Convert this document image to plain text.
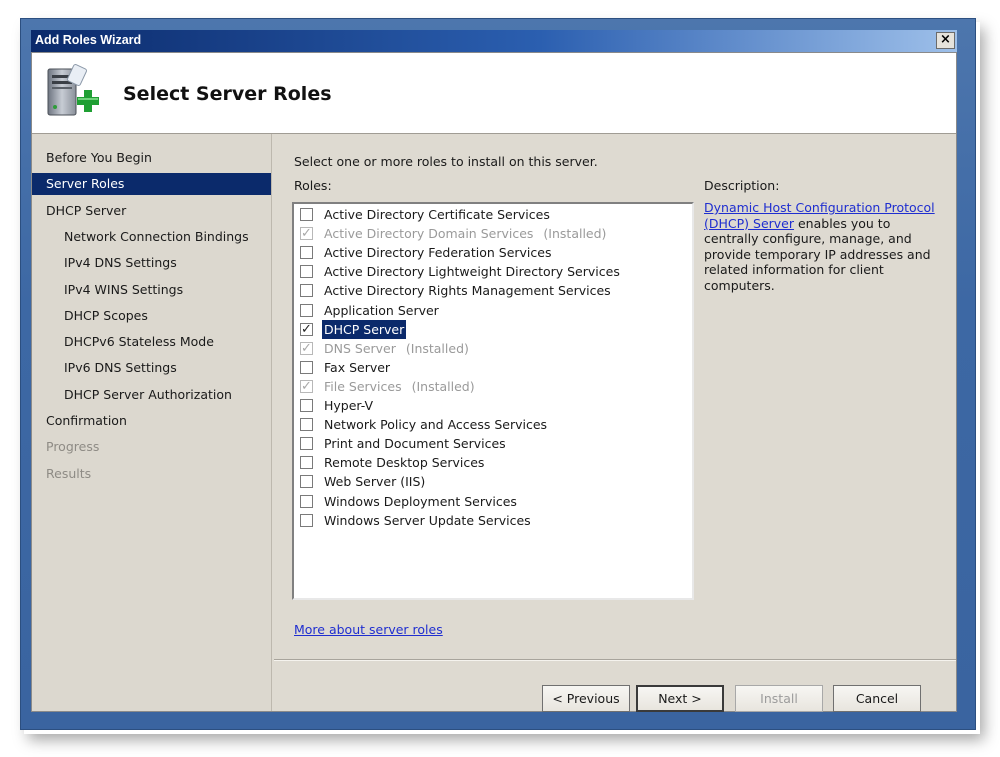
Add Roles Wizard	×
Select Server Roles
Before You Begin
Server Roles
DHCP Server
Network Connection Bindings
IPv4 DNS Settings
IPv4 WINS Settings
DHCP Scopes
DHCPv6 Stateless Mode
IPv6 DNS Settings
DHCP Server Authorization
Confirmation
Progress
Results
Select one or more roles to install on this server.
Roles:	Description:
Active Directory Certificate Services
✓ Active Directory Domain Services (Installed)
Active Directory Federation Services
Active Directory Lightweight Directory Services
Active Directory Rights Management Services
Application Server
✓ DHCP Server
✓ DNS Server (Installed)
Fax Server
✓ File Services (Installed)
Hyper-V
Network Policy and Access Services
Print and Document Services
Remote Desktop Services
Web Server (IIS)
Windows Deployment Services
Windows Server Update Services
Dynamic Host Configuration Protocol (DHCP) Server enables you to centrally configure, manage, and provide temporary IP addresses and related information for client computers.
More about server roles
< Previous	Next >	Install	Cancel
